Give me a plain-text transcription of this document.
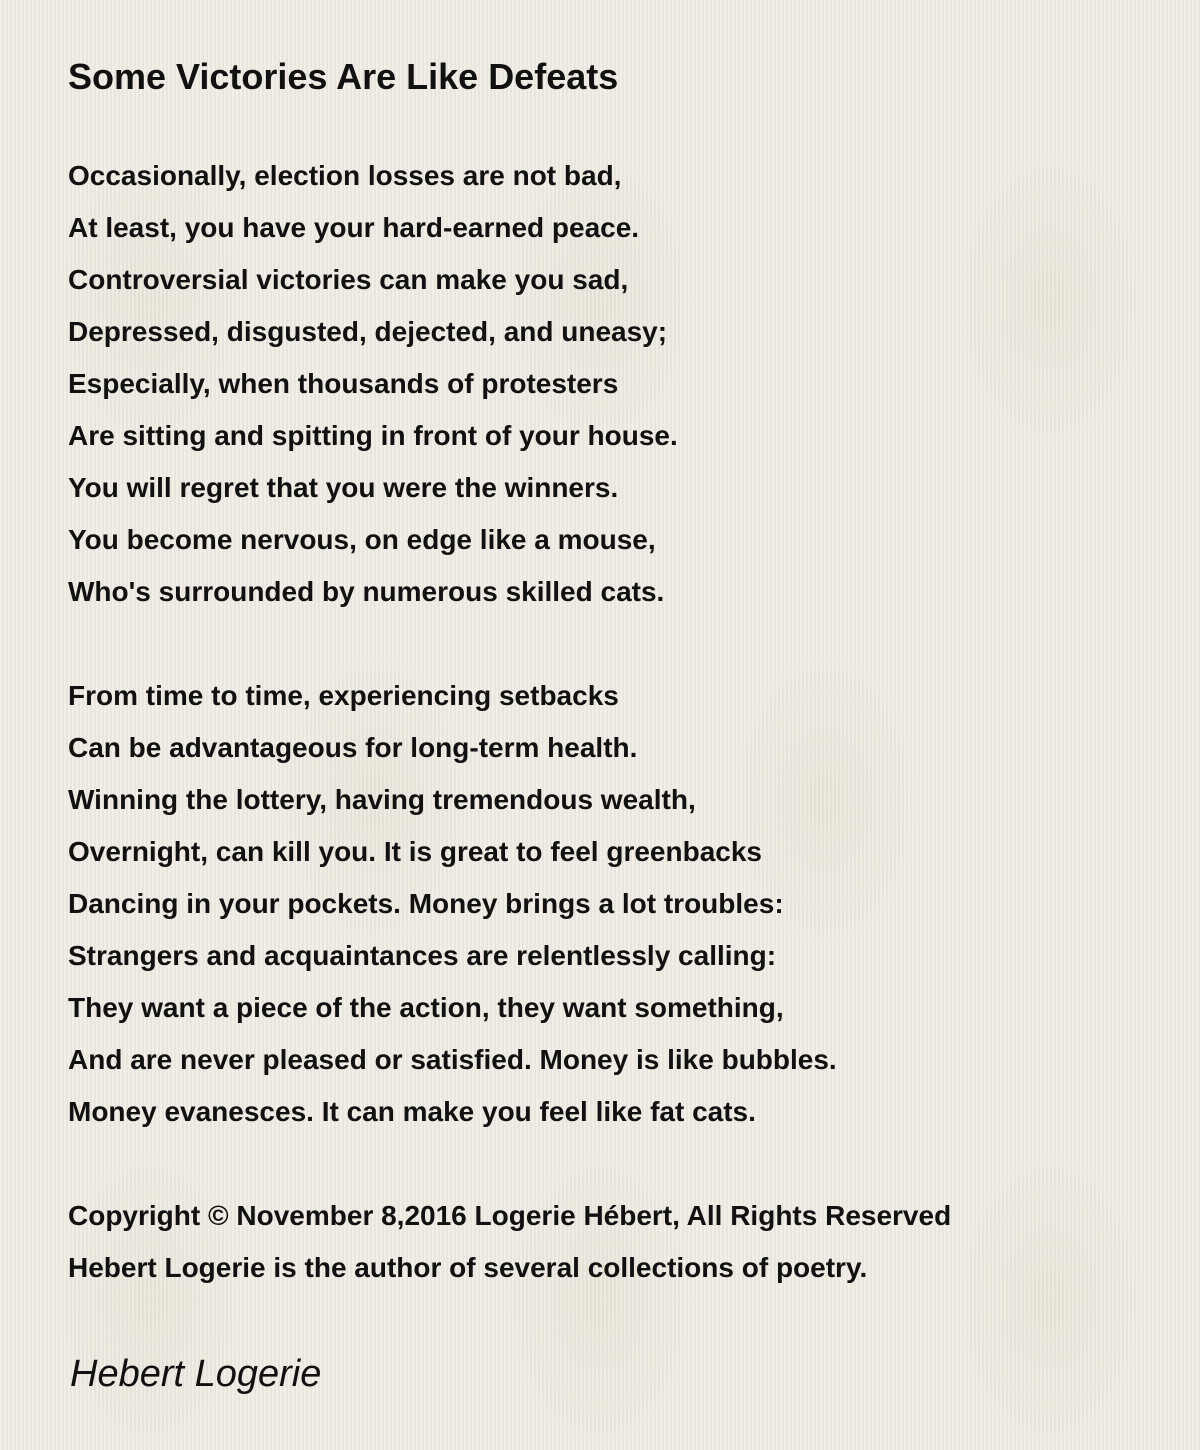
Some Victories Are Like Defeats
Occasionally, election losses are not bad,
At least, you have your hard-earned peace.
Controversial victories can make you sad,
Depressed, disgusted, dejected, and uneasy;
Especially, when thousands of protesters
Are sitting and spitting in front of your house.
You will regret that you were the winners.
You become nervous, on edge like a mouse,
Who's surrounded by numerous skilled cats.
From time to time, experiencing setbacks
Can be advantageous for long-term health.
Winning the lottery, having tremendous wealth,
Overnight, can kill you. It is great to feel greenbacks
Dancing in your pockets. Money brings a lot troubles:
Strangers and acquaintances are relentlessly calling:
They want a piece of the action, they want something,
And are never pleased or satisfied. Money is like bubbles.
Money evanesces. It can make you feel like fat cats.
Copyright © November 8,2016 Logerie Hébert, All Rights Reserved
Hebert Logerie is the author of several collections of poetry.
Hebert Logerie
